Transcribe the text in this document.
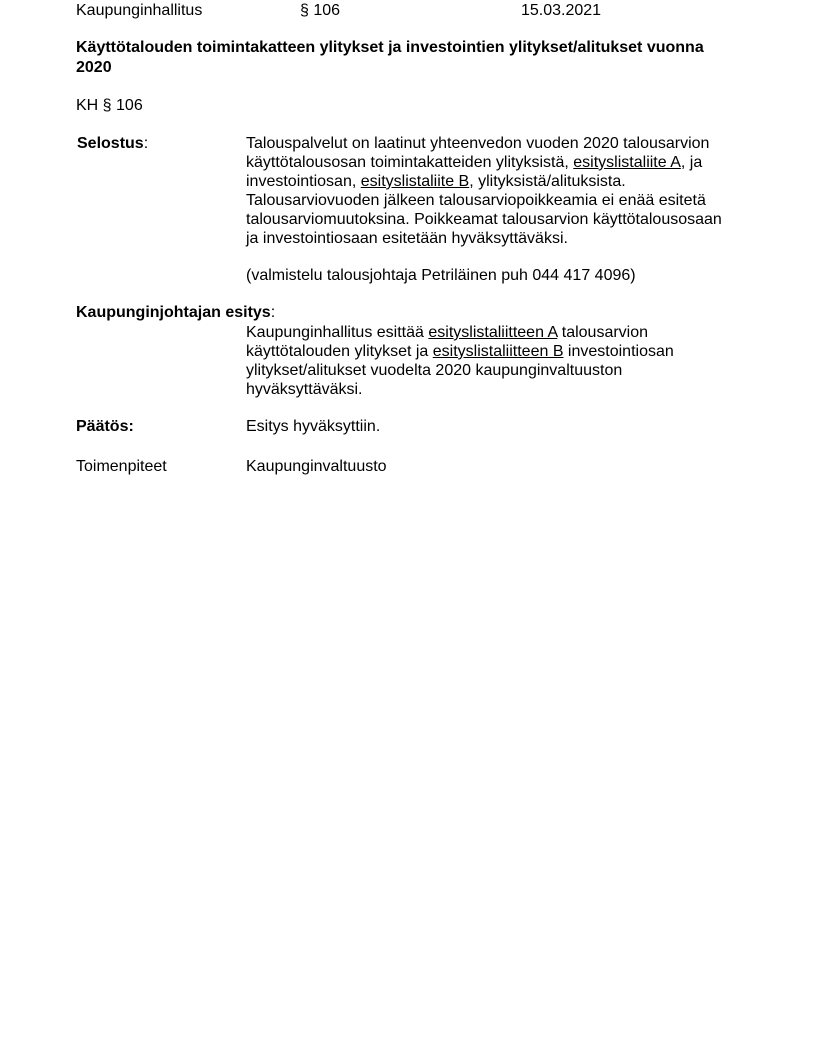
Kaupunginhallitus	§ 106	15.03.2021
Käyttötalouden toimintakatteen ylitykset ja investointien ylitykset/alitukset vuonna
2020
KH § 106
Selostus:	Talouspalvelut on laatinut yhteenvedon vuoden 2020 talousarvion käyttötalousosan toimintakatteiden ylityksistä, esityslistaliite A, ja investointiosan, esityslistaliite B, ylityksistä/alituksista. Talousarviovuoden jälkeen talousarviopoikkeamia ei enää esitetä talousarviomuutoksina. Poikkeamat talousarvion käyttötalousosaan ja investointiosaan esitetään hyväksyttäväksi.
(valmistelu talousjohtaja Petriläinen puh 044 417 4096)
Kaupunginjohtajan esitys:
Kaupunginhallitus esittää esityslistaliitteen A talousarvion käyttötalouden ylitykset ja esityslistaliitteen B investointiosan ylitykset/alitukset vuodelta 2020 kaupunginvaltuuston hyväksyttäväksi.
Päätös:	Esitys hyväksyttiin.
Toimenpiteet	Kaupunginvaltuusto
